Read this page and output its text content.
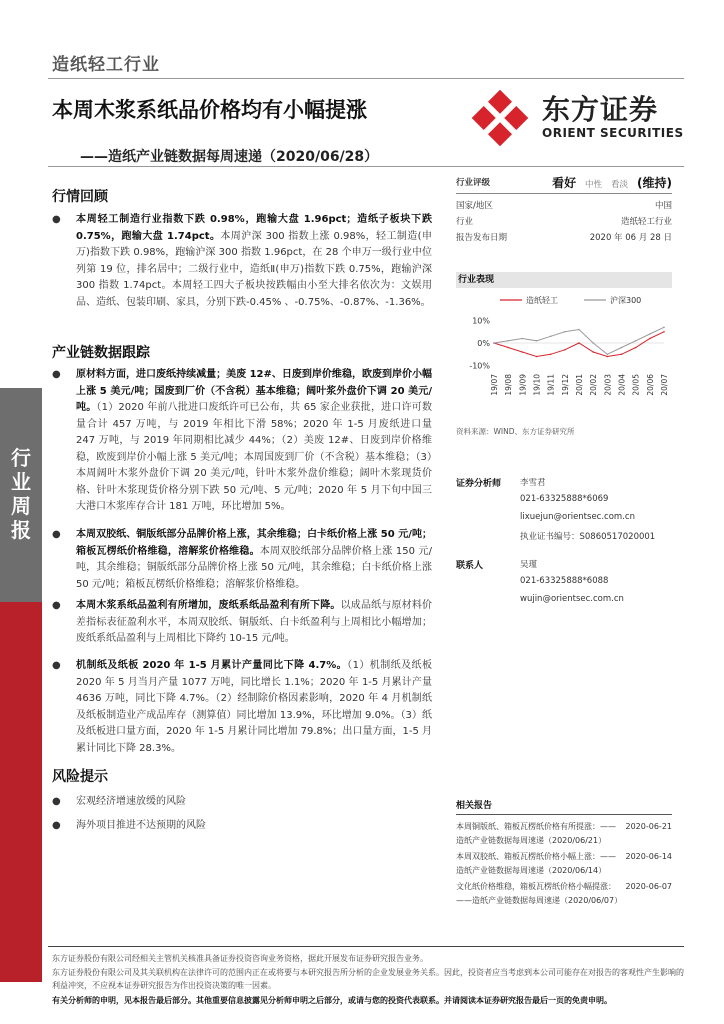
造纸轻工行业
本周木浆系纸品价格均有小幅提涨
——造纸产业链数据每周速递（2020/06/28）
东方证券
ORIENT SECURITIES
行业周报
【行业・证券研究报告】
行情回顾
●	本周轻工制造行业指数下跌 0.98%，跑输大盘 1.96pct；造纸子板块下跌 0.75%，跑输大盘 1.74pct。本周沪深 300 指数上涨 0.98%，轻工制造(申万)指数下跌 0.98%，跑输沪深 300 指数 1.96pct，在 28 个申万一级行业中位列第 19 位，排名居中；二级行业中，造纸Ⅱ(申万)指数下跌 0.75%，跑输沪深 300 指数 1.74pct。本周轻工四大子板块按跌幅由小至大排名依次为：文娱用品、造纸、包装印刷、家具，分别下跌-0.45% 、-0.75%、-0.87%、-1.36%。
产业链数据跟踪
●	原材料方面，进口废纸持续减量；美废 12#、日废到岸价维稳，欧废到岸价小幅上涨 5 美元/吨；国废到厂价（不含税）基本维稳；阔叶浆外盘价下调 20 美元/吨。（1）2020 年前八批进口废纸许可已公布，共 65 家企业获批，进口许可数量合计 457 万吨，与 2019 年相比下滑 58%；2020 年 1-5 月废纸进口量 247 万吨，与 2019 年同期相比减少 44%；（2）美废 12#、日废到岸价格维稳，欧废到岸价小幅上涨 5 美元/吨；本周国废到厂价（不含税）基本维稳；（3）本周阔叶木浆外盘价下调 20 美元/吨，针叶木浆外盘价维稳；阔叶木浆现货价格、针叶木浆现货价格分别下跌 50 元/吨、5 元/吨；2020 年 5 月下旬中国三大港口木浆库存合计 181 万吨，环比增加 5%。
●	本周双胶纸、铜版纸部分品牌价格上涨，其余维稳；白卡纸价格上涨 50 元/吨；箱板瓦楞纸价格维稳，溶解浆价格维稳。本周双胶纸部分品牌价格上涨 150 元/吨，其余维稳；铜版纸部分品牌价格上涨 50 元/吨，其余维稳；白卡纸价格上涨 50 元/吨；箱板瓦楞纸价格维稳；溶解浆价格维稳。
●	本周木浆系纸品盈利有所增加，废纸系纸品盈利有所下降。以成品纸与原材料价差指标表征盈利水平，本周双胶纸、铜版纸、白卡纸盈利与上周相比小幅增加；废纸系纸品盈利与上周相比下降约 10-15 元/吨。
●	机制纸及纸板 2020 年 1-5 月累计产量同比下降 4.7%。（1）机制纸及纸板 2020 年 5 月当月产量 1077 万吨，同比增长 1.1%；2020 年 1-5 月累计产量 4636 万吨，同比下降 4.7%。（2）经制除价格因素影响，2020 年 4 月机制纸及纸板制造业产成品库存（测算值）同比增加 13.9%，环比增加 9.0%。（3）纸及纸板进口量方面，2020 年 1-5 月累计同比增加 79.8%；出口量方面，1-5 月累计同比下降 28.3%。
风险提示
●	宏观经济增速放缓的风险
●	海外项目推进不达预期的风险
行业评级	看好 中性 看淡 (维持)
国家/地区	中国
行业	造纸轻工行业
报告发布日期	2020 年 06 月 28 日
行业表现
造纸轻工	沪深300
10%
0%
-10%
19/07 19/08 19/09 19/10 19/11 19/12 20/01 20/02 20/03 20/04 20/05 20/06 20/07
资料来源：WIND、东方证券研究所
证券分析师 李雪君
021-63325888*6069
lixuejun@orientsec.com.cn
执业证书编号：S0860517020001
联系人	吴瑾
021-63325888*6088
wujin@orientsec.com.cn
相关报告
本周铜版纸、箱板瓦楞纸价格有所提涨：——造纸产业链数据每周速递（2020/06/21）
2020-06-21
本周双胶纸、箱板瓦楞纸价格小幅上涨：——造纸产业链数据每周速递（2020/06/14）
2020-06-14
文化纸价格维稳，箱板瓦楞纸价格小幅提涨：——造纸产业链数据每周速递（2020/06/07）
2020-06-07
东方证券股份有限公司经相关主管机关核准具备证券投资咨询业务资格，据此开展发布证券研究报告业务。
东方证券股份有限公司及其关联机构在法律许可的范围内正在或将要与本研究报告所分析的企业发展业务关系。因此，投资者应当考虑到本公司可能存在对报告的客观性产生影响的利益冲突，不应视本证券研究报告为作出投资决策的唯一因素。
有关分析师的申明，见本报告最后部分。其他重要信息披露见分析师申明之后部分，或请与您的投资代表联系。并请阅读本证券研究报告最后一页的免责申明。
